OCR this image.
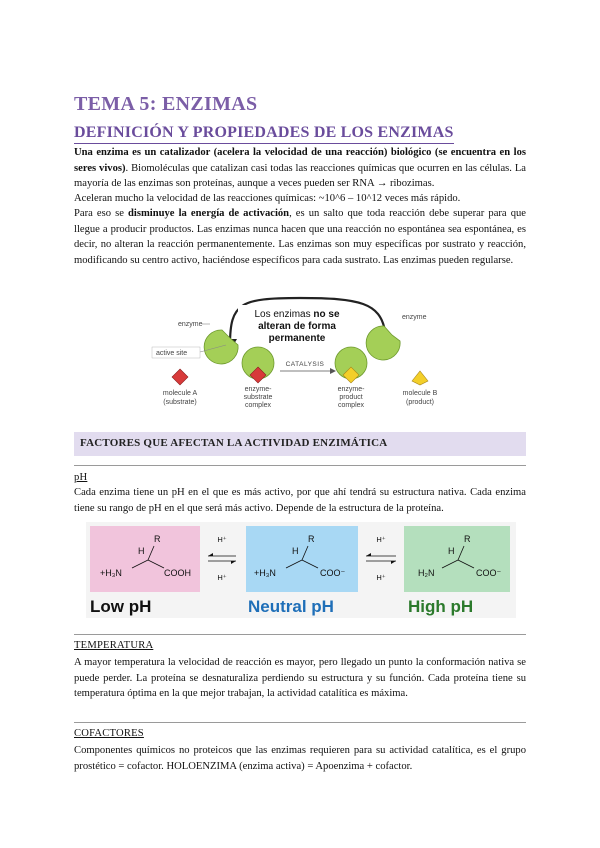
TEMA 5: ENZIMAS
DEFINICIÓN Y PROPIEDADES DE LOS ENZIMAS

Una enzima es un catalizador (acelera la velocidad de una reacción) biológico (se encuentra en los seres vivos). Biomoléculas que catalizan casi todas las reacciones químicas que ocurren en las células. La mayoría de las enzimas son proteínas, aunque a veces pueden ser RNA → ribozimas.

Aceleran mucho la velocidad de las reacciones químicas: ~10^6 – 10^12 veces más rápido.

Para eso se disminuye la energía de activación, es un salto que toda reacción debe superar para que llegue a producir productos. Las enzimas nunca hacen que una reacción no espontánea sea espontánea, es decir, no alteran la reacción permanentemente. Las enzimas son muy específicas por sustrato y reacción, modificando su centro activo, haciéndose específicos para cada sustrato. Las enzimas pueden regularse.

Los enzimas no se
alteran de forma
permanente
enzyme
active site
molecule A
(substrate)
enzyme-
substrate
complex
CATALYSIS
enzyme-
product
complex
enzyme
molecule B
(product)
FACTORES QUE AFECTAN LA ACTIVIDAD ENZIMÁTICA
pH

Cada enzima tiene un pH en el que es más activo, por que ahí tendrá su estructura nativa. Cada enzima tiene su rango de pH en el que será más activo. Depende de la estructura de la proteína.

H
R
+H₃N	COOH
H⁺
H⁺
H
R
+H₃N	COO⁻
H⁺
H⁺
H
R
H₂N	COO⁻
Low pH	Neutral pH	High pH
TEMPERATURA

A mayor temperatura la velocidad de reacción es mayor, pero llegado un punto la conformación nativa se puede perder. La proteína se desnaturaliza perdiendo su estructura y su función. Cada proteína tiene su temperatura óptima en la que mejor trabajan, la actividad catalítica es máxima.

COFACTORES

Componentes químicos no proteicos que las enzimas requieren para su actividad catalítica, es el grupo prostético = cofactor. HOLOENZIMA (enzima activa) = Apoenzima + cofactor.
